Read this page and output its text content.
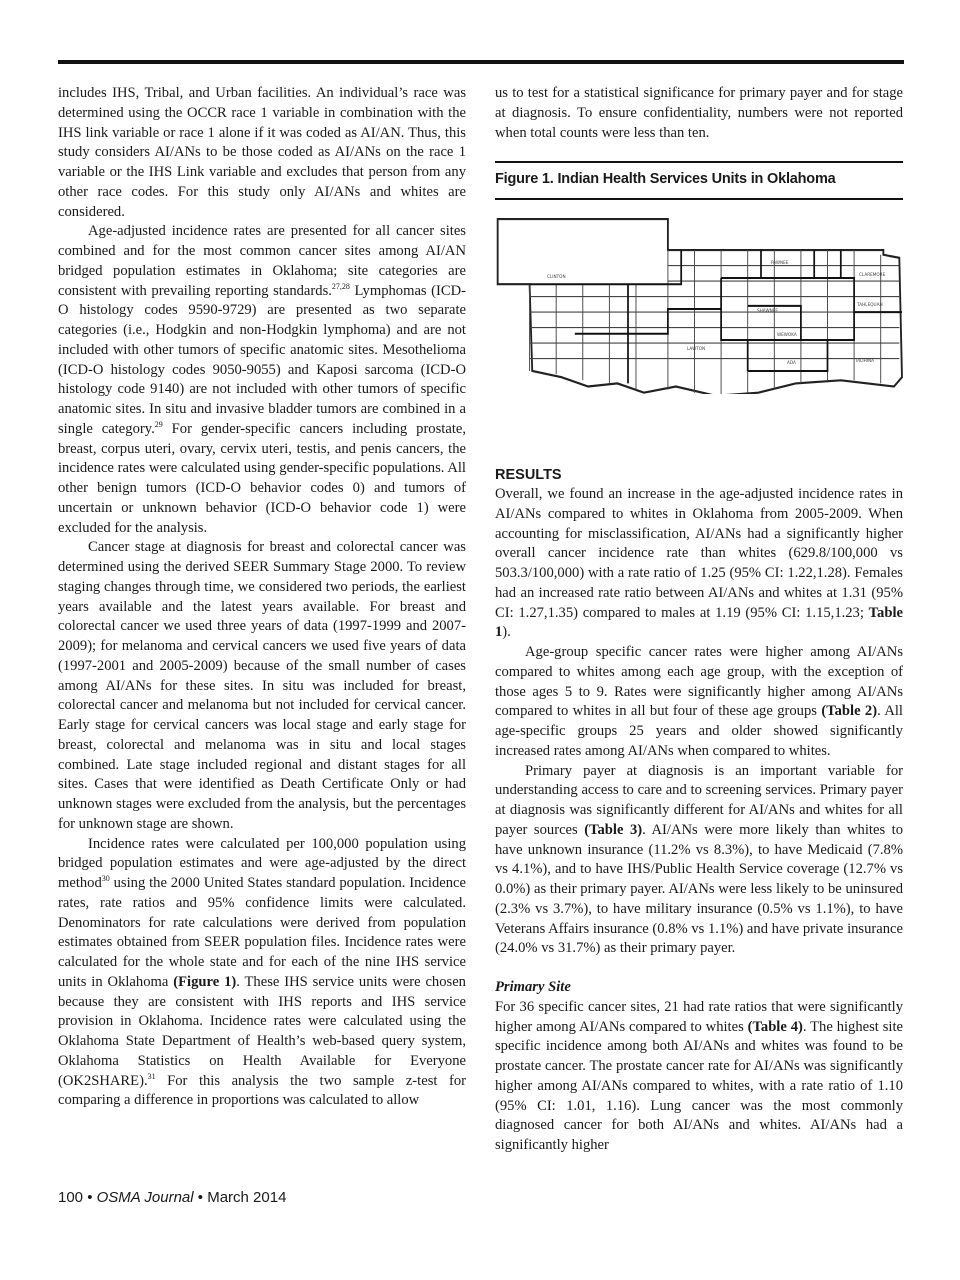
includes IHS, Tribal, and Urban facilities. An individual’s race was determined using the OCCR race 1 variable in combination with the IHS link variable or race 1 alone if it was coded as AI/AN. Thus, this study considers AI/ANs to be those coded as AI/ANs on the race 1 variable or the IHS Link variable and excludes that person from any other race codes. For this study only AI/ANs and whites are considered.

Age-adjusted incidence rates are presented for all cancer sites combined and for the most common cancer sites among AI/AN bridged population estimates in Oklahoma; site categories are consistent with prevailing reporting standards.$^{27,28}$ Lymphomas (ICD-O histology codes 9590-9729) are presented as two separate categories (i.e., Hodgkin and non-Hodgkin lymphoma) and are not included with other tumors of specific anatomic sites. Mesothelioma (ICD-O histology codes 9050-9055) and Kaposi sarcoma (ICD-O histology code 9140) are not included with other tumors of specific anatomic sites. In situ and invasive bladder tumors are combined in a single category.$^{29}$ For gender-specific cancers including prostate, breast, corpus uteri, ovary, cervix uteri, testis, and penis cancers, the incidence rates were calculated using gender-specific populations. All other benign tumors (ICD-O behavior codes 0) and tumors of uncertain or unknown behavior (ICD-O behavior code 1) were excluded for the analysis.

Cancer stage at diagnosis for breast and colorectal cancer was determined using the derived SEER Summary Stage 2000. To review staging changes through time, we considered two periods, the earliest years available and the latest years available. For breast and colorectal cancer we used three years of data (1997-1999 and 2007-2009); for melanoma and cervical cancers we used five years of data (1997-2001 and 2005-2009) because of the small number of cases among AI/ANs for these sites. In situ was included for breast, colorectal cancer and melanoma but not included for cervical cancer. Early stage for cervical cancers was local stage and early stage for breast, colorectal and melanoma was in situ and local stages combined. Late stage included regional and distant stages for all sites. Cases that were identified as Death Certificate Only or had unknown stages were excluded from the analysis, but the percentages for unknown stage are shown.

Incidence rates were calculated per 100,000 population using bridged population estimates and were age-adjusted by the direct method$^{30}$ using the 2000 United States standard population. Incidence rates, rate ratios and 95% confidence limits were calculated. Denominators for rate calculations were derived from population estimates obtained from SEER population files. Incidence rates were calculated for the whole state and for each of the nine IHS service units in Oklahoma (Figure 1). These IHS service units were chosen because they are consistent with IHS reports and IHS service provision in Oklahoma. Incidence rates were calculated using the Oklahoma State Department of Health’s web-based query system, Oklahoma Statistics on Health Available for Everyone (OK2SHARE).$^{31}$ For this analysis the two sample z-test for comparing a difference in proportions was calculated to allow

us to test for a statistical significance for primary payer and for stage at diagnosis. To ensure confidentiality, numbers were not reported when total counts were less than ten.

Figure 1. Indian Health Services Units in Oklahoma
PAWNEE
CLINTON	CLAREMORE
TAHLEQUAH
SHAWNEE
WEWOKA
LAWTON
ADA	TALIHINA
RESULTS

Overall, we found an increase in the age-adjusted incidence rates in AI/ANs compared to whites in Oklahoma from 2005-2009. When accounting for misclassification, AI/ANs had a significantly higher overall cancer incidence rate than whites (629.8/100,000 vs 503.3/100,000) with a rate ratio of 1.25 (95% CI: 1.22,1.28). Females had an increased rate ratio between AI/ANs and whites at 1.31 (95% CI: 1.27,1.35) compared to males at 1.19 (95% CI: 1.15,1.23; Table 1).

Age-group specific cancer rates were higher among AI/ANs compared to whites among each age group, with the exception of those ages 5 to 9. Rates were significantly higher among AI/ANs compared to whites in all but four of these age groups (Table 2). All age-specific groups 25 years and older showed significantly increased rates among AI/ANs when compared to whites.

Primary payer at diagnosis is an important variable for understanding access to care and to screening services. Primary payer at diagnosis was significantly different for AI/ANs and whites for all payer sources (Table 3). AI/ANs were more likely than whites to have unknown insurance (11.2% vs 8.3%), to have Medicaid (7.8% vs 4.1%), and to have IHS/Public Health Service coverage (12.7% vs 0.0%) as their primary payer. AI/ANs were less likely to be uninsured (2.3% vs 3.7%), to have military insurance (0.5% vs 1.1%), to have Veterans Affairs insurance (0.8% vs 1.1%) and have private insurance (24.0% vs 31.7%) as their primary payer.

Primary Site

For 36 specific cancer sites, 21 had rate ratios that were significantly higher among AI/ANs compared to whites (Table 4). The highest site specific incidence among both AI/ANs and whites was found to be prostate cancer. The prostate cancer rate for AI/ANs was significantly higher among AI/ANs compared to whites, with a rate ratio of 1.10 (95% CI: 1.01, 1.16). Lung cancer was the most commonly diagnosed cancer for both AI/ANs and whites. AI/ANs had a significantly higher

100 • OSMA Journal • March 2014
